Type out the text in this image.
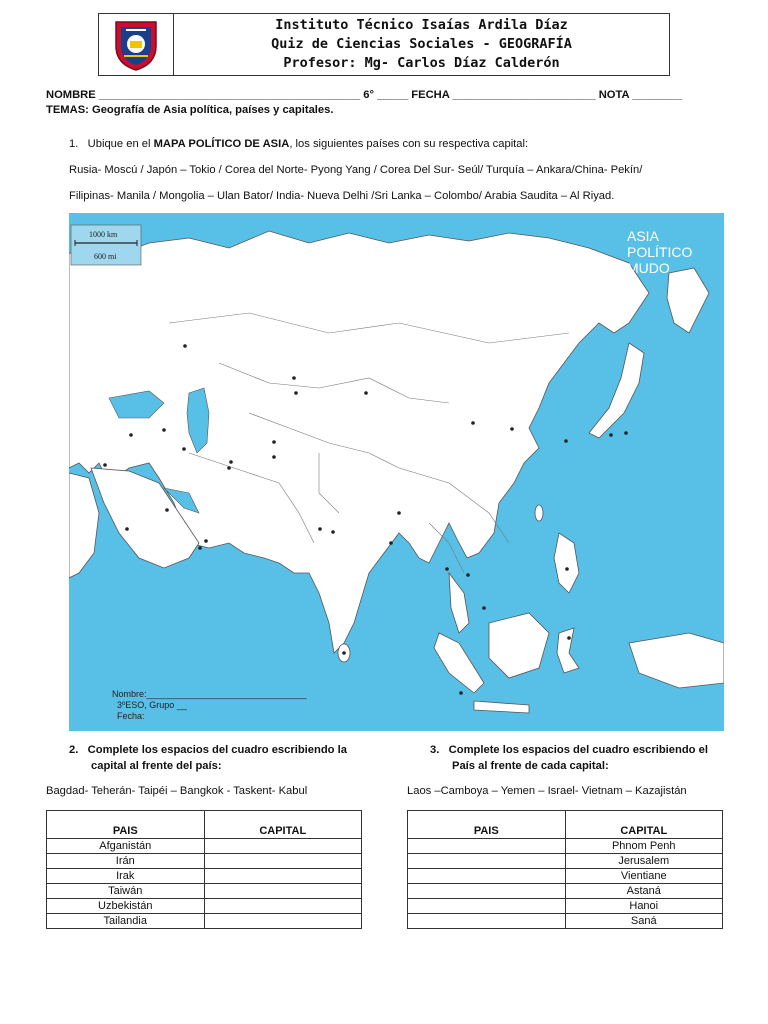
Instituto Técnico Isaías Ardila Díaz
Quiz de Ciencias Sociales - GEOGRAFÍA
Profesor: Mg- Carlos Díaz Calderón
NOMBRE __________________________________________ 6° _____ FECHA _______________________ NOTA ________
TEMAS: Geografía de Asia política, países y capitales.
1. Ubique en el MAPA POLÍTICO DE ASIA, los siguientes países con su respectiva capital:
Rusia- Moscú / Japón – Tokio / Corea del Norte- Pyong Yang / Corea Del Sur- Seúl/ Turquía – Ankara/China- Pekín/
Filipinas- Manila / Mongolia – Ulan Bator/ India- Nueva Delhi /Sri Lanka – Colombo/ Arabia Saudita – Al Riyad.
1000 km
600 mi
ASIA
POLÍTICO
MUDO
Nombre:________________________________
3ºESO, Grupo __
Fecha:
2. Complete los espacios del cuadro escribiendo la
capital al frente del país:
Bagdad- Teherán- Taipéi – Bangkok - Taskent- Kabul
PAIS	CAPITAL
Afganistán	
Irán	
Irak	
Taiwán	
Uzbekistán	
Tailandia	
3. Complete los espacios del cuadro escribiendo el
País al frente de cada capital:
Laos –Camboya – Yemen – Israel- Vietnam – Kazajistán
PAIS	CAPITAL
	Phnom Penh
	Jerusalem
	Vientiane
	Astaná
	Hanoi
	Saná
